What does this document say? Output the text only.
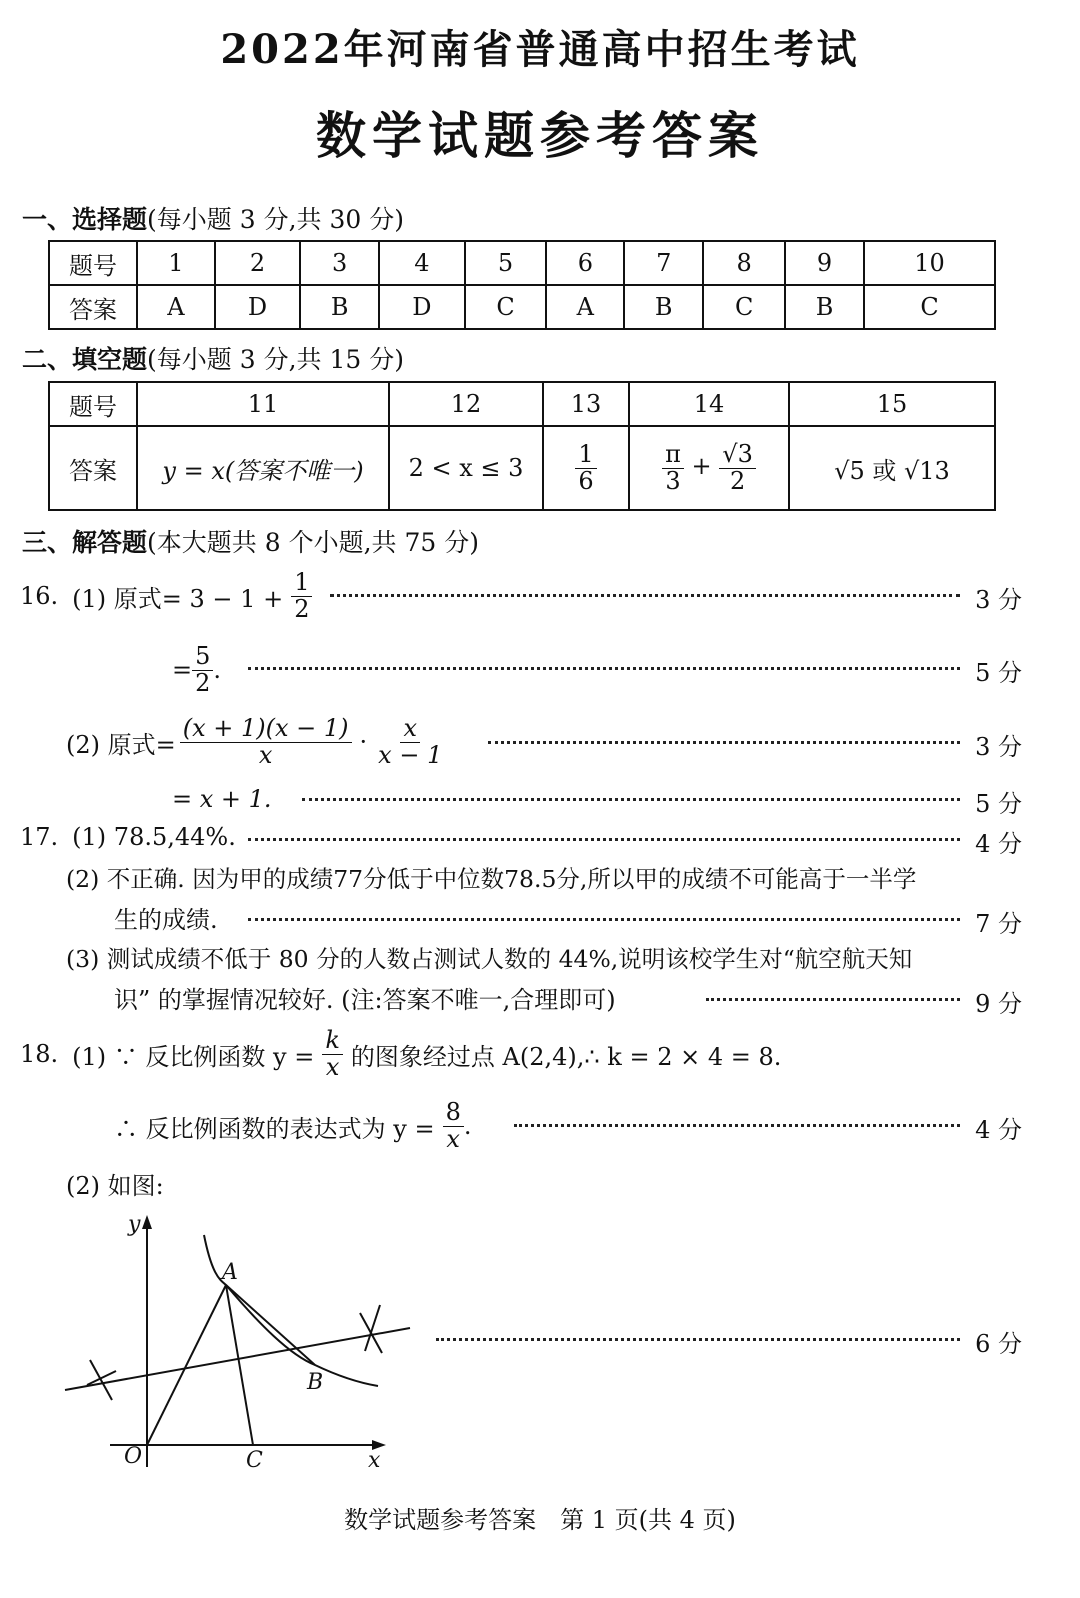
2022年河南省普通高中招生考试
数学试题参考答案
一、选择题(每小题 3 分,共 30 分)
题号	1	2	3	4	5	6	7	8	9	10
答案	A	D	B	D	C	A	B	C	B	C
二、填空题(每小题 3 分,共 15 分)
题号	11	12	13	14	15
答案	y = x(答案不唯一)	2 < x ≤ 3	$\frac{1}{6}$	$\frac{\pi}{3} + \frac{√3}{2}$	√5 或 √13
三、解答题(本大题共 8 个小题,共 75 分)
16. (1) 原式= $3 - 1 + \frac{1}{2}$	3 分
= $\frac{5}{2}$ .	5 分
(2) 原式= $\frac{(x + 1)(x - 1)}{x} \cdot \frac{x}{x - 1}$	3 分
= x + 1.	5 分
17. (1) 78.5,44%.	4 分
(2) 不正确. 因为甲的成绩77分低于中位数78.5分,所以甲的成绩不可能高于一半学
生的成绩.	7 分
(3) 测试成绩不低于 80 分的人数占测试人数的 44%,说明该校学生对“航空航天知
识” 的掌握情况较好. (注:答案不唯一,合理即可)	9 分
18. (1) ∵ 反比例函数 $y = \frac{k}{x}$ 的图象经过点 A(2,4),∴ k = 2 × 4 = 8.
∴ 反比例函数的表达式为 $y = \frac{8}{x}$ .	4 分
(2) 如图:
y
x
O
A
B
C
6 分
数学试题参考答案　第 1 页(共 4 页)
